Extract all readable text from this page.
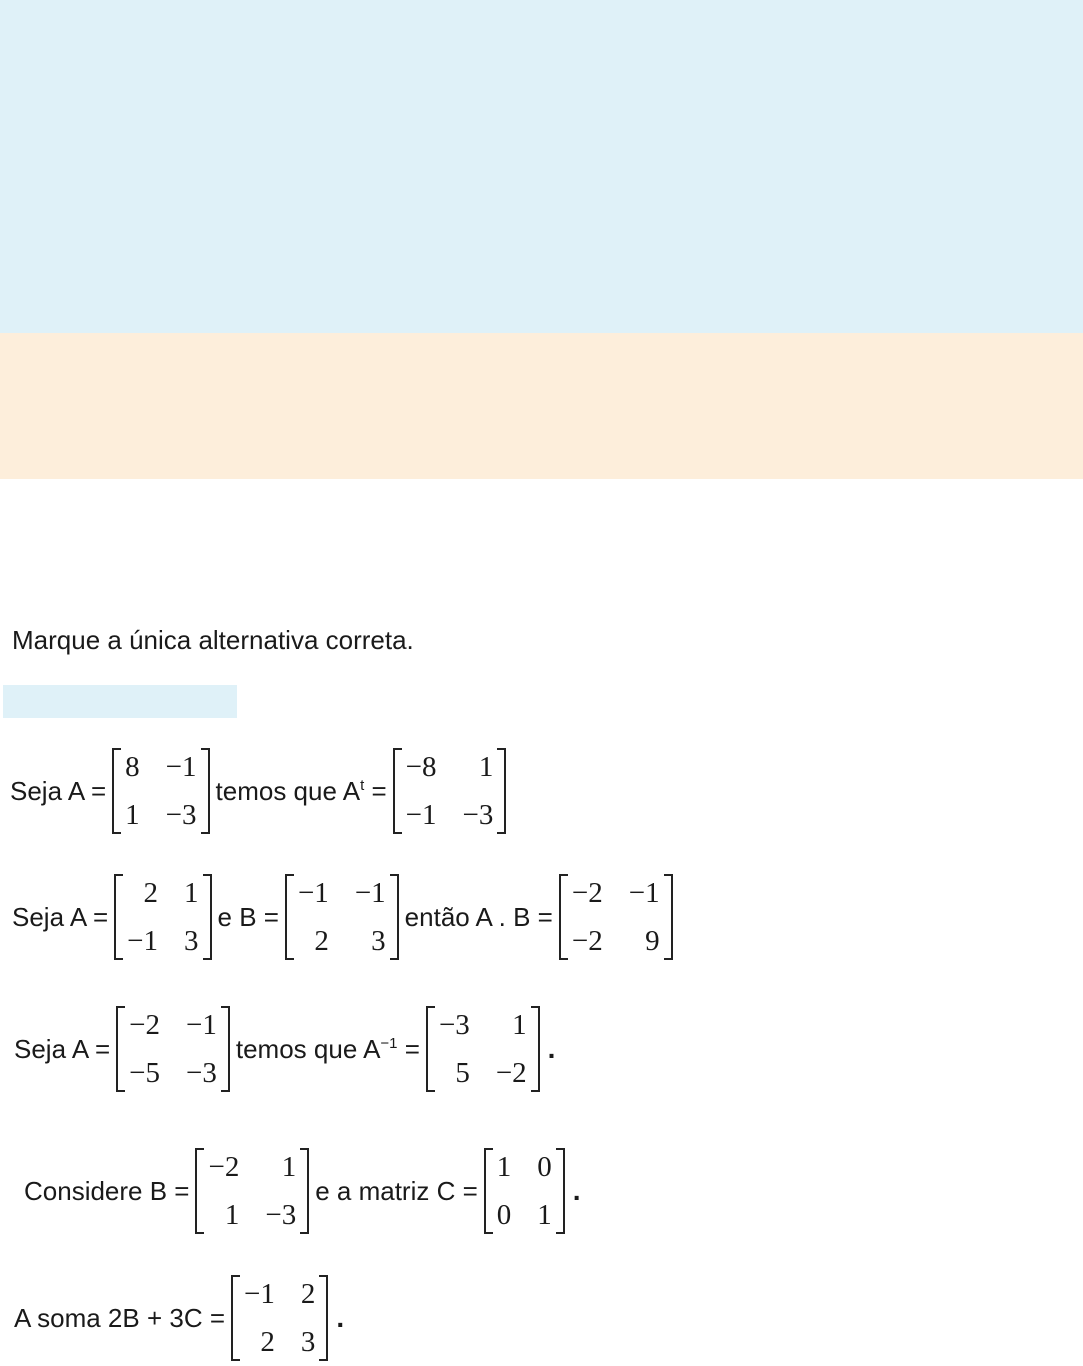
Marque a única alternativa correta.
Seja A =
8 −1
1 −3
temos que $A^t$ =
−8	1
−1 −3
Seja A =
2 1
−1 3
e B =
−1 −1
2	3
então A . B =
−2 −1
−2	9
Seja A =
−2 −1
−5 −3
temos que $A^{-1}$ =
−3	1
5 −2
.
Considere B =
−2	1
1 −3
e a matriz C =
1 0
0 1
.
A soma 2B + 3C =
−1 2
2 3
.
